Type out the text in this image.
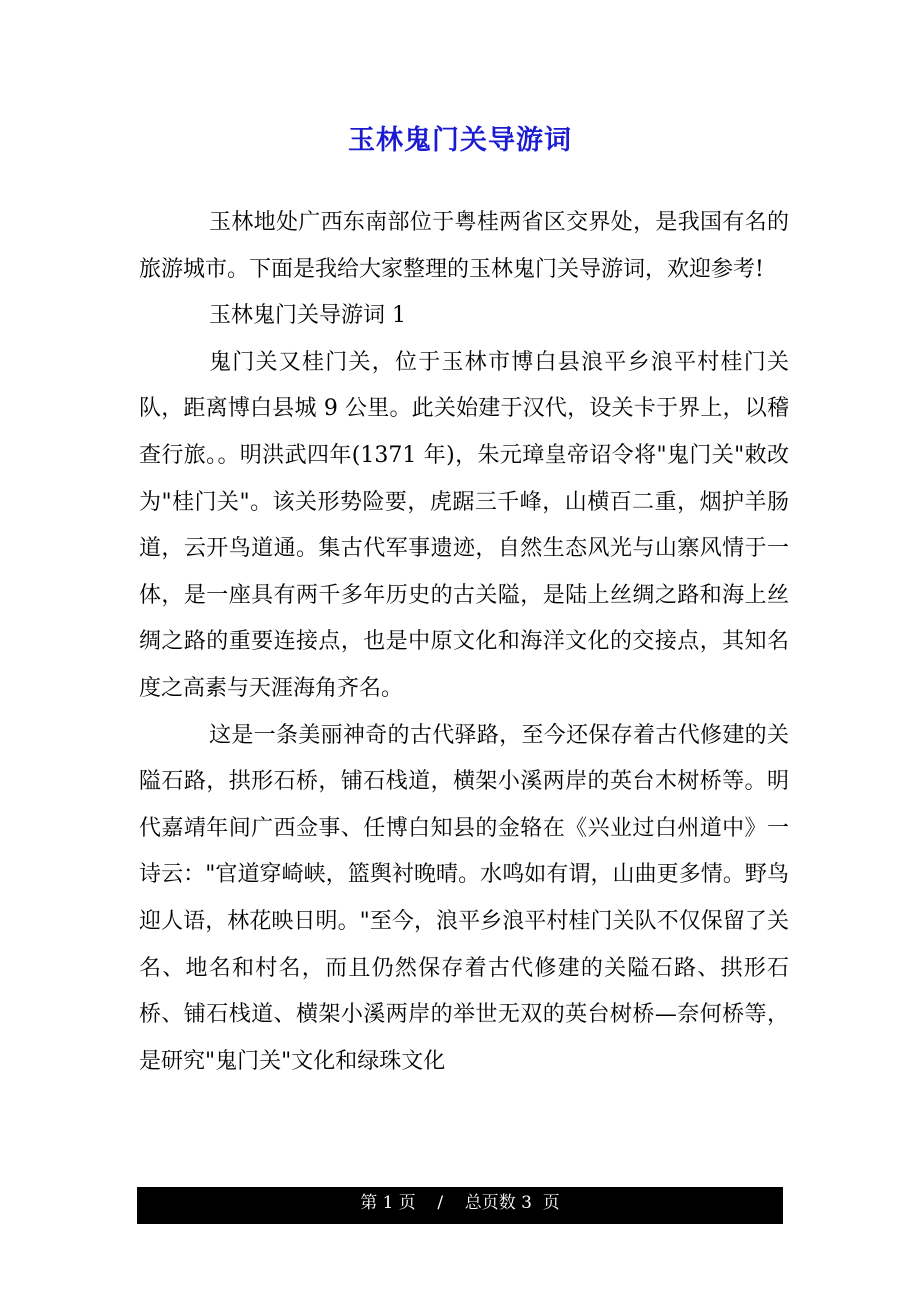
玉林鬼门关导游词

玉林地处广西东南部位于粤桂两省区交界处，是我国有名的旅游城市。下面是我给大家整理的玉林鬼门关导游词，欢迎参考!

玉林鬼门关导游词 1

鬼门关又桂门关，位于玉林市博白县浪平乡浪平村桂门关队，距离博白县城 9 公里。此关始建于汉代，设关卡于界上，以稽查行旅。。明洪武四年(1371 年)，朱元璋皇帝诏令将"鬼门关"敕改为"桂门关"。该关形势险要，虎踞三千峰，山横百二重，烟护羊肠道，云开鸟道通。集古代军事遗迹，自然生态风光与山寨风情于一体，是一座具有两千多年历史的古关隘，是陆上丝绸之路和海上丝绸之路的重要连接点，也是中原文化和海洋文化的交接点，其知名度之高素与天涯海角齐名。

这是一条美丽神奇的古代驿路，至今还保存着古代修建的关隘石路，拱形石桥，铺石栈道，横架小溪两岸的英台木树桥等。明代嘉靖年间广西佥事、任博白知县的金辂在《兴业过白州道中》一诗云："官道穿崎峡，篮舆衬晚晴。水鸣如有谓，山曲更多情。野鸟迎人语，林花映日明。"至今，浪平乡浪平村桂门关队不仅保留了关名、地名和村名，而且仍然保存着古代修建的关隘石路、拱形石桥、铺石栈道、横架小溪两岸的举世无双的英台树桥—奈何桥等，是研究"鬼门关"文化和绿珠文化

第 1 页    /    总页数 3  页
